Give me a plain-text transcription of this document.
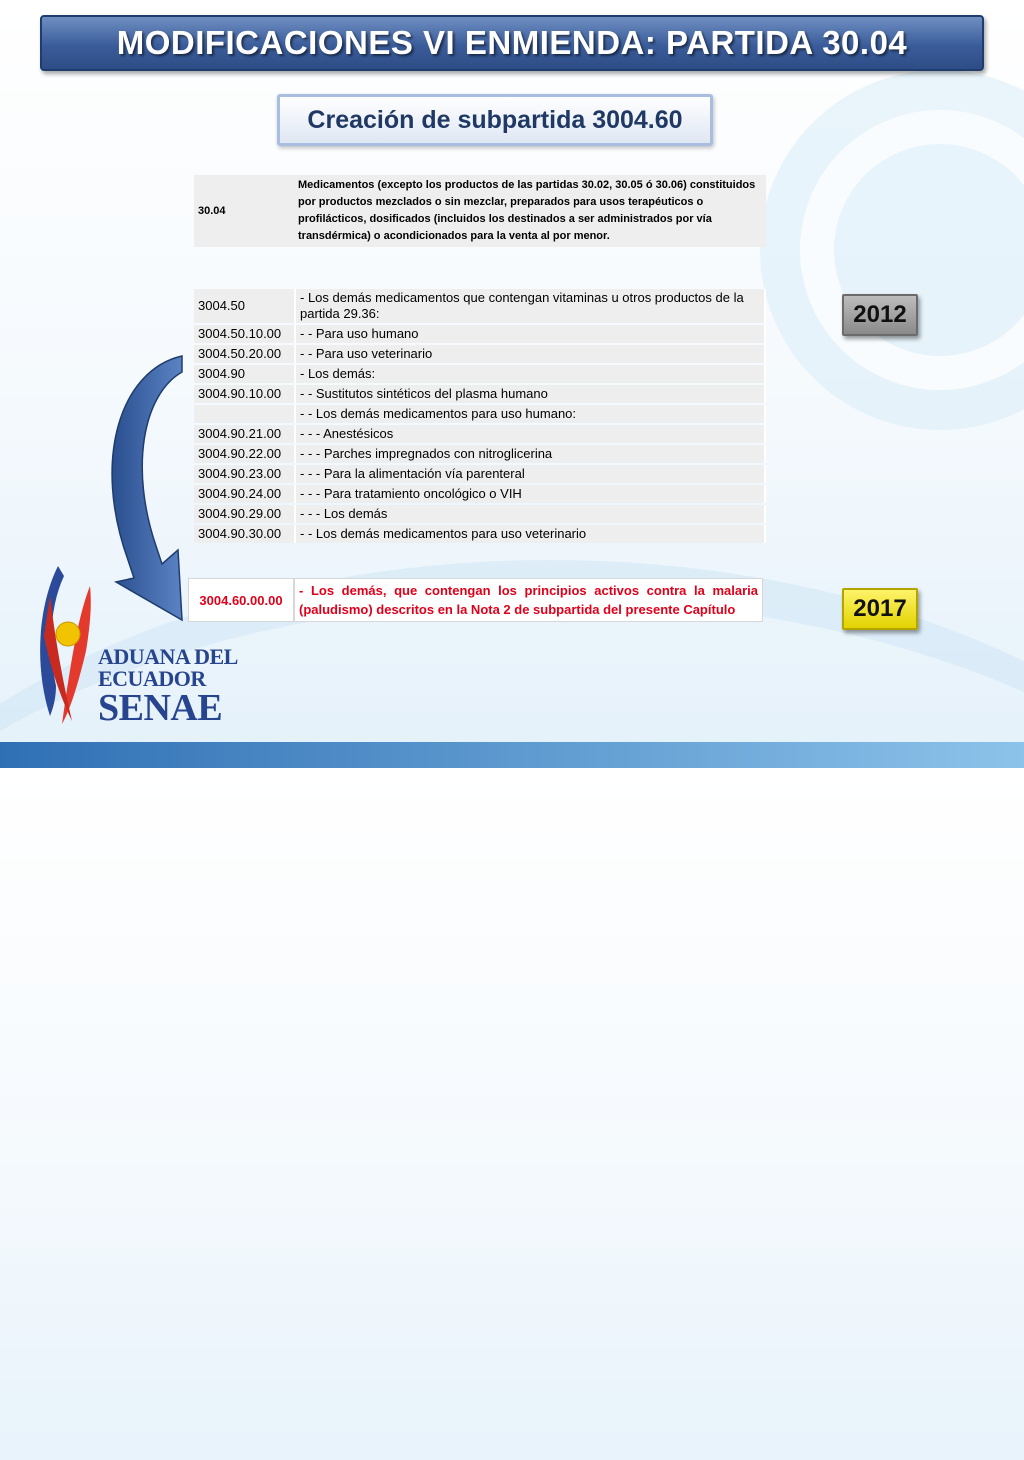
MODIFICACIONES VI ENMIENDA: PARTIDA 30.04
Creación de subpartida 3004.60
30.04	Medicamentos (excepto los productos de las partidas 30.02, 30.05 ó 30.06) constituidos por productos mezclados o sin mezclar, preparados para usos terapéuticos o profilácticos, dosificados (incluidos los destinados a ser administrados por vía transdérmica) o acondicionados para la venta al por menor.
3004.50	- Los demás medicamentos que contengan vitaminas u otros productos de la partida 29.36:
3004.50.10.00	- - Para uso humano
3004.50.20.00	- - Para uso veterinario
3004.90	- Los demás:
3004.90.10.00	- - Sustitutos sintéticos del plasma humano
	- - Los demás medicamentos para uso humano:
3004.90.21.00	- - - Anestésicos
3004.90.22.00	- - - Parches impregnados con nitroglicerina
3004.90.23.00	- - - Para la alimentación vía parenteral
3004.90.24.00	- - - Para tratamiento oncológico o VIH
3004.90.29.00	- - - Los demás
3004.90.30.00	- - Los demás medicamentos para uso veterinario
3004.60.00.00	- Los demás, que contengan los principios activos contra la malaria (paludismo) descritos en la Nota 2 de subpartida del presente Capítulo
2012
2017
ADUANA DEL
ECUADOR
SENAE
